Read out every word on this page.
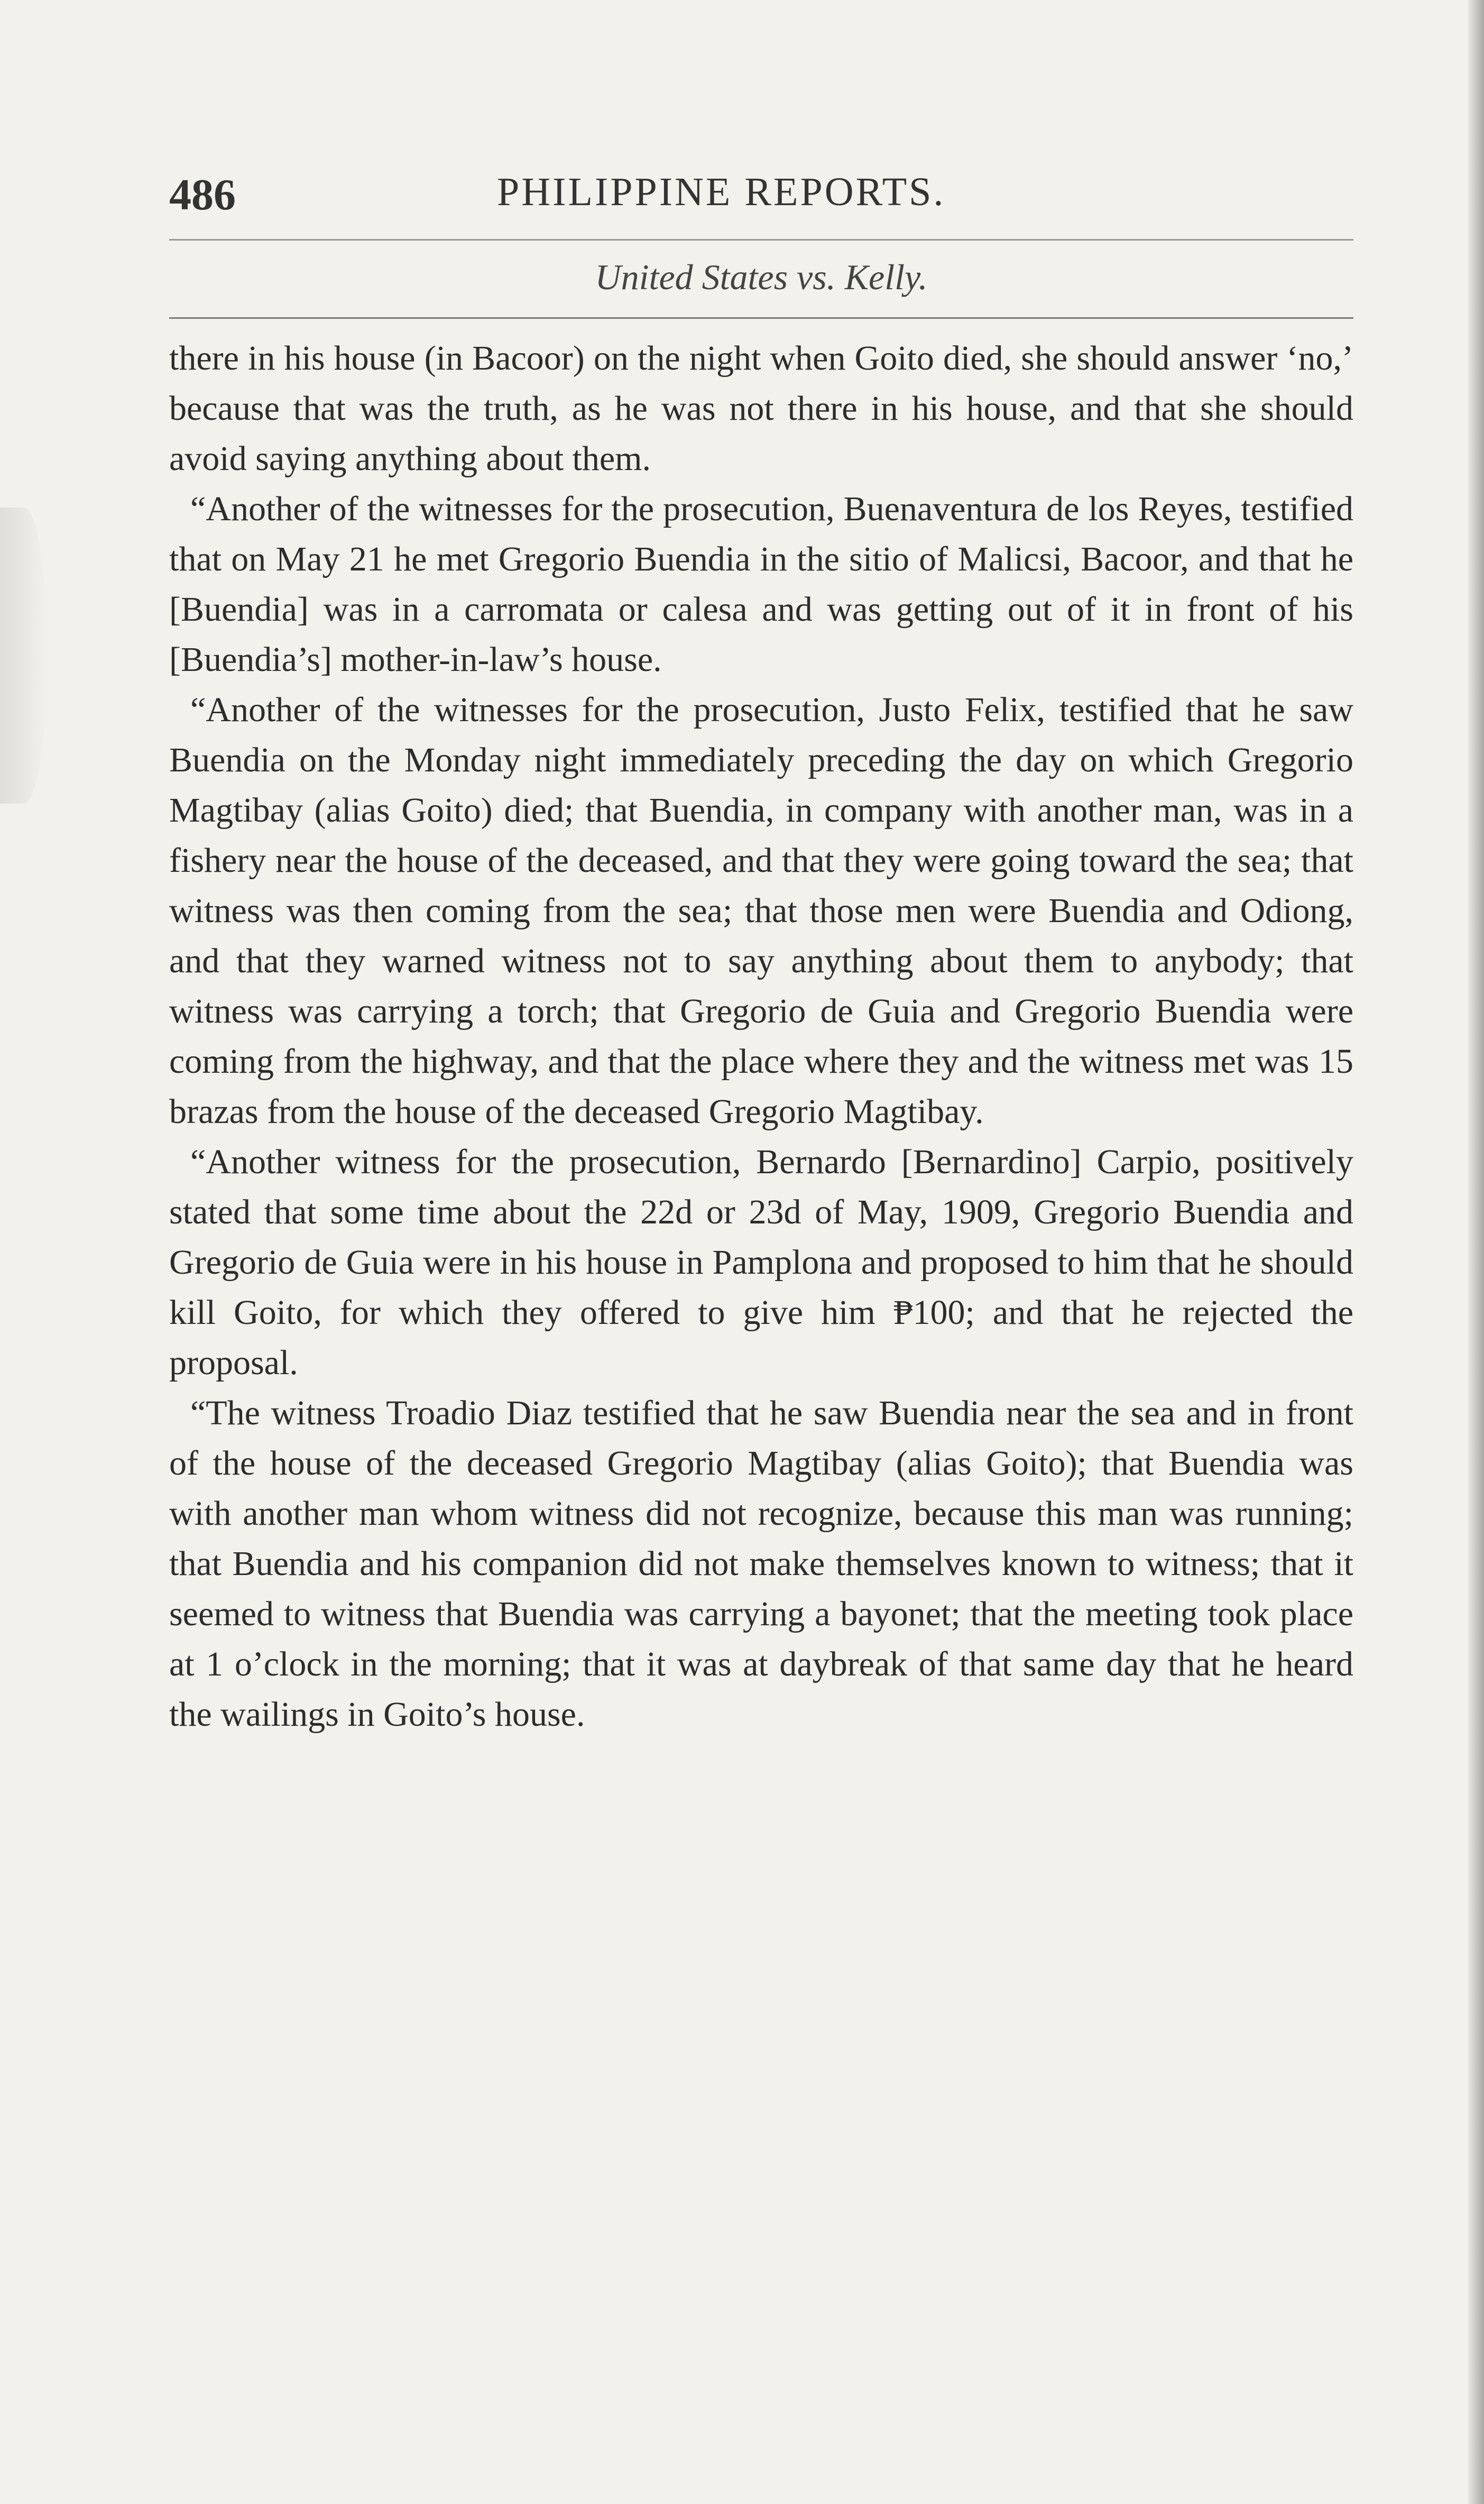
486	PHILIPPINE REPORTS.
United States vs. Kelly.

there in his house (in Bacoor) on the night when Goito died, she should answer ‘no,’ because that was the truth, as he was not there in his house, and that she should avoid saying anything about them.

“Another of the witnesses for the prosecution, Buenaventura de los Reyes, testified that on May 21 he met Gregorio Buendia in the sitio of Malicsi, Bacoor, and that he [Buendia] was in a carromata or calesa and was getting out of it in front of his [Buendia’s] mother-in-law’s house.

“Another of the witnesses for the prosecution, Justo Felix, testified that he saw Buendia on the Monday night immediately preceding the day on which Gregorio Magtibay (alias Goito) died; that Buendia, in company with another man, was in a fishery near the house of the deceased, and that they were going toward the sea; that witness was then coming from the sea; that those men were Buendia and Odiong, and that they warned witness not to say anything about them to anybody; that witness was carrying a torch; that Gregorio de Guia and Gregorio Buendia were coming from the highway, and that the place where they and the witness met was 15 brazas from the house of the deceased Gregorio Magtibay.

“Another witness for the prosecution, Bernardo [Bernardino] Carpio, positively stated that some time about the 22d or 23d of May, 1909, Gregorio Buendia and Gregorio de Guia were in his house in Pamplona and proposed to him that he should kill Goito, for which they offered to give him ₱100; and that he rejected the proposal.

“The witness Troadio Diaz testified that he saw Buendia near the sea and in front of the house of the deceased Gregorio Magtibay (alias Goito); that Buendia was with another man whom witness did not recognize, because this man was running; that Buendia and his companion did not make themselves known to witness; that it seemed to witness that Buendia was carrying a bayonet; that the meeting took place at 1 o’clock in the morning; that it was at daybreak of that same day that he heard the wailings in Goito’s house.
